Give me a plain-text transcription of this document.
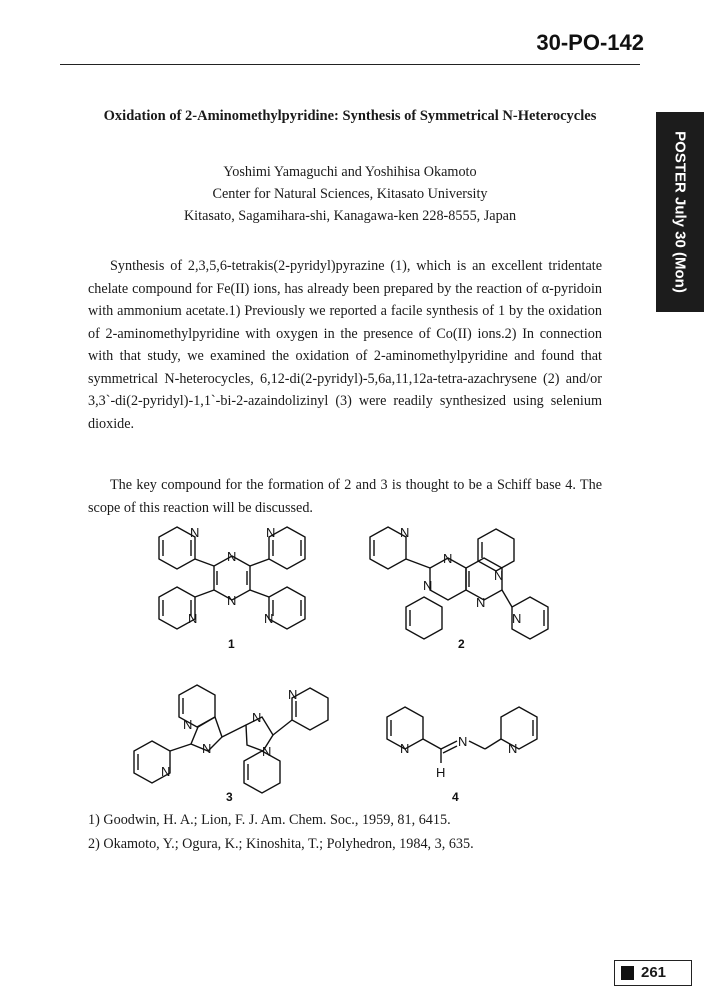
30-PO-142
POSTER July 30 (Mon)
Oxidation of 2-Aminomethylpyridine: Synthesis of Symmetrical N-Heterocycles
Yoshimi Yamaguchi and Yoshihisa Okamoto
Center for Natural Sciences, Kitasato University
Kitasato, Sagamihara-shi, Kanagawa-ken 228-8555, Japan
Synthesis of 2,3,5,6-tetrakis(2-pyridyl)pyrazine (1), which is an excellent tridentate chelate compound for Fe(II) ions, has already been prepared by the reaction of α-pyridoin with ammonium acetate.1) Previously we reported a facile synthesis of 1 by the oxidation of 2-aminomethylpyridine with oxygen in the presence of Co(II) ions.2) In connection with that study, we examined the oxidation of 2-aminomethylpyridine and found that symmetrical N-heterocycles, 6,12-di(2-pyridyl)-5,6a,11,12a-tetra-azachrysene (2) and/or 3,3`-di(2-pyridyl)-1,1`-bi-2-azaindolizinyl (3) were readily synthesized using selenium dioxide.
The key compound for the formation of 2 and 3 is thought to be a Schiff base 4. The scope of this reaction will be discussed.
N
N
N	N
N	N
1
N
N
N
N
N
N
2
N
N
N
N
N
N
3
N	N	N
H
4
1) Goodwin, H. A.; Lion, F. J. Am. Chem. Soc., 1959, 81, 6415.
2) Okamoto, Y.; Ogura, K.; Kinoshita, T.; Polyhedron, 1984, 3, 635.
261
